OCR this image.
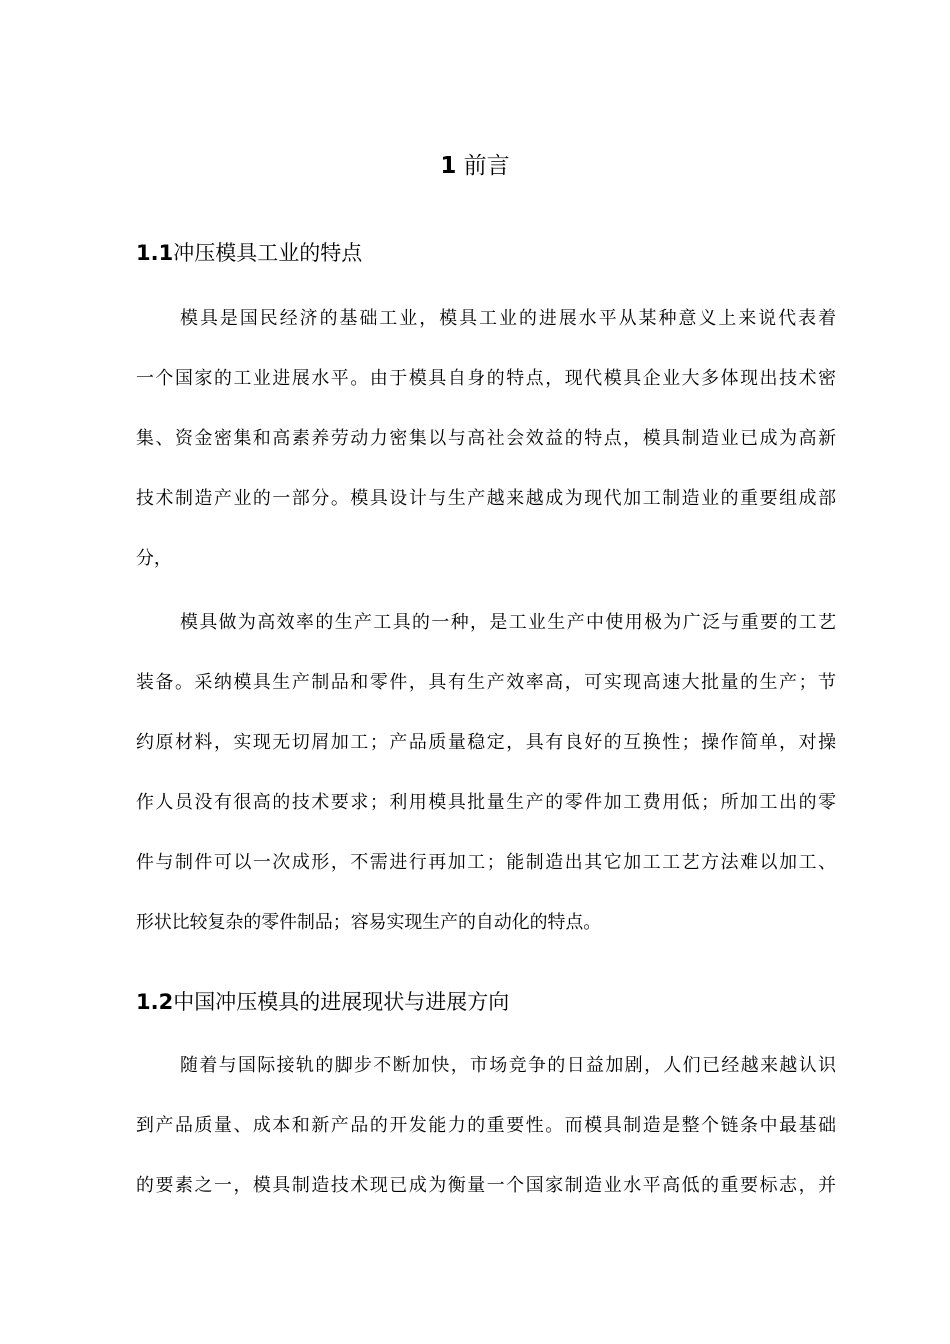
1 前言
1.1冲压模具工业的特点
模具是国民经济的基础工业，模具工业的进展水平从某种意义上来说代表着
一个国家的工业进展水平。由于模具自身的特点，现代模具企业大多体现出技术密
集、资金密集和高素养劳动力密集以与高社会效益的特点，模具制造业已成为高新
技术制造产业的一部分。模具设计与生产越来越成为现代加工制造业的重要组成部
分，
模具做为高效率的生产工具的一种，是工业生产中使用极为广泛与重要的工艺
装备。采纳模具生产制品和零件，具有生产效率高，可实现高速大批量的生产；节
约原材料，实现无切屑加工；产品质量稳定，具有良好的互换性；操作简单，对操
作人员没有很高的技术要求；利用模具批量生产的零件加工费用低；所加工出的零
件与制件可以一次成形，不需进行再加工；能制造出其它加工工艺方法难以加工、
形状比较复杂的零件制品；容易实现生产的自动化的特点。
1.2中国冲压模具的进展现状与进展方向
随着与国际接轨的脚步不断加快，市场竞争的日益加剧，人们已经越来越认识
到产品质量、成本和新产品的开发能力的重要性。而模具制造是整个链条中最基础
的要素之一，模具制造技术现已成为衡量一个国家制造业水平高低的重要标志，并
